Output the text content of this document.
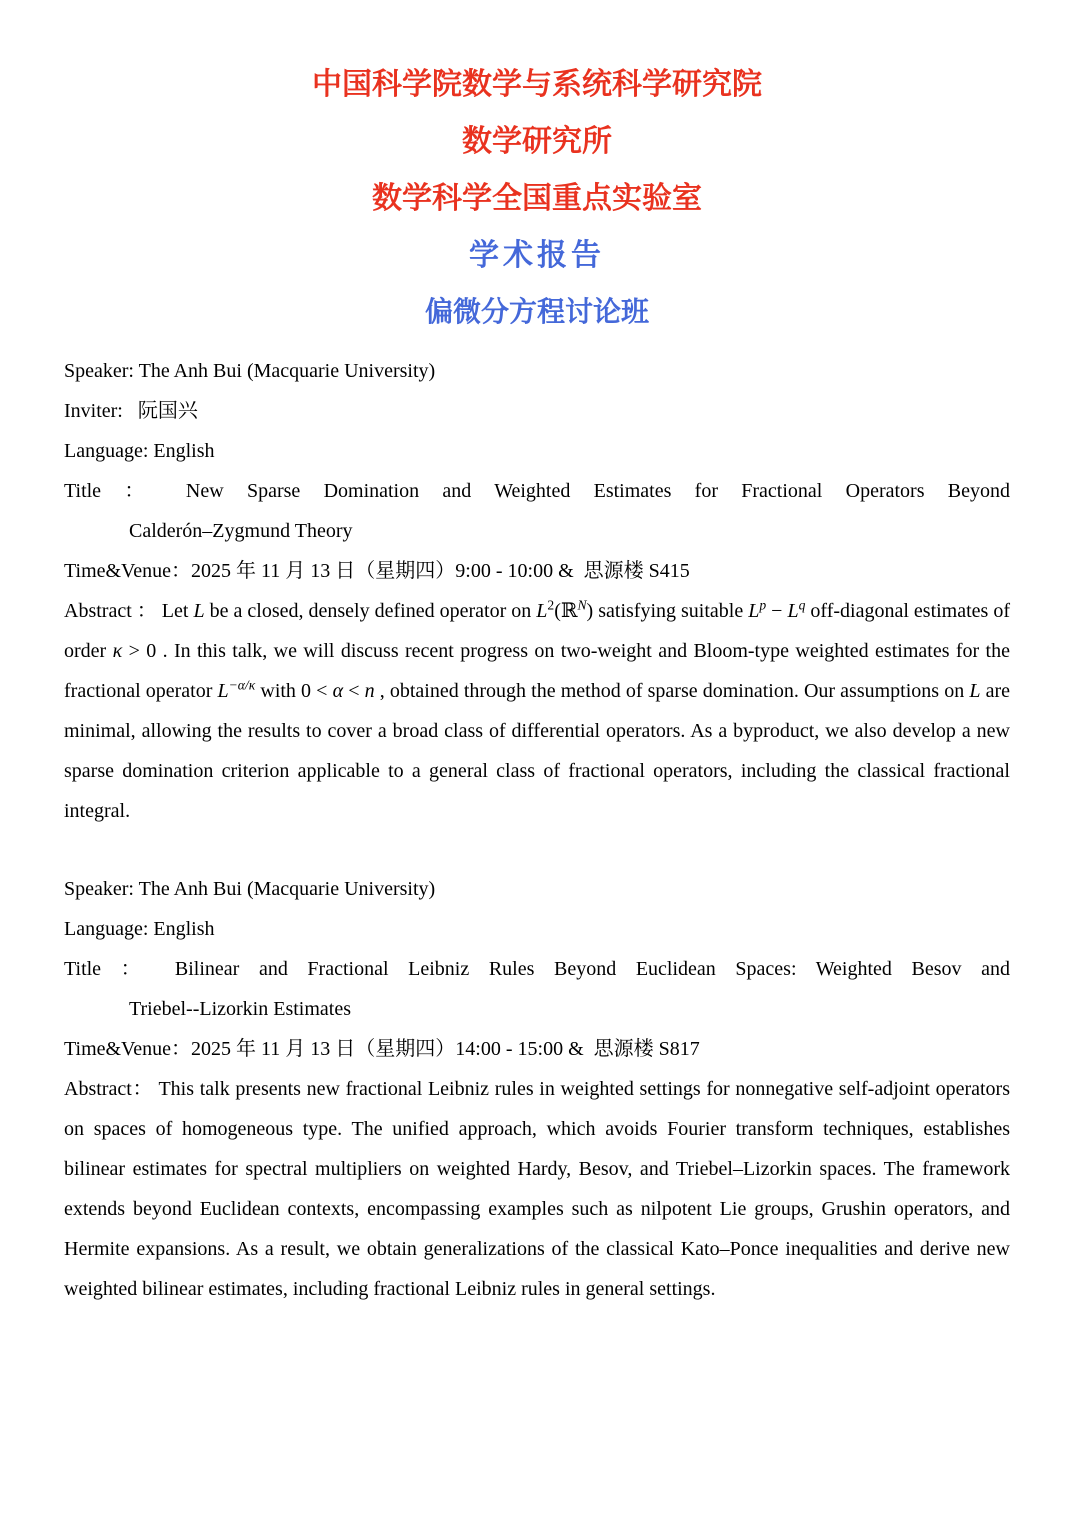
中国科学院数学与系统科学研究院

数学研究所

数学科学全国重点实验室

学术报告

偏微分方程讨论班

Speaker: The Anh Bui (Macquarie University)

Inviter:   阮国兴

Language: English

Title ： New Sparse Domination and Weighted Estimates for Fractional Operators Beyond

Calderón–Zygmund Theory

Time&Venue：2025 年 11 月 13 日（星期四）9:00 - 10:00 &  思源楼 S415

Abstract ： Let L be a closed, densely defined operator on $L^2(ℝ^N)$ satisfying suitable $L^p - L^q$ off-diagonal estimates of order κ > 0 . In this talk, we will discuss recent progress on two-weight and Bloom-type weighted estimates for the fractional operator $L^{-\alpha/\kappa}$ with 0 < α < n , obtained through the method of sparse domination. Our assumptions on L are minimal, allowing the results to cover a broad class of differential operators. As a byproduct, we also develop a new sparse domination criterion applicable to a general class of fractional operators, including the classical fractional integral.

Speaker: The Anh Bui (Macquarie University)

Language: English

Title ： Bilinear and Fractional Leibniz Rules Beyond Euclidean Spaces: Weighted Besov and

Triebel--Lizorkin Estimates

Time&Venue：2025 年 11 月 13 日（星期四）14:00 - 15:00 &  思源楼 S817

Abstract： This talk presents new fractional Leibniz rules in weighted settings for nonnegative self-adjoint operators on spaces of homogeneous type. The unified approach, which avoids Fourier transform techniques, establishes bilinear estimates for spectral multipliers on weighted Hardy, Besov, and Triebel–Lizorkin spaces. The framework extends beyond Euclidean contexts, encompassing examples such as nilpotent Lie groups, Grushin operators, and Hermite expansions. As a result, we obtain generalizations of the classical Kato–Ponce inequalities and derive new weighted bilinear estimates, including fractional Leibniz rules in general settings.
